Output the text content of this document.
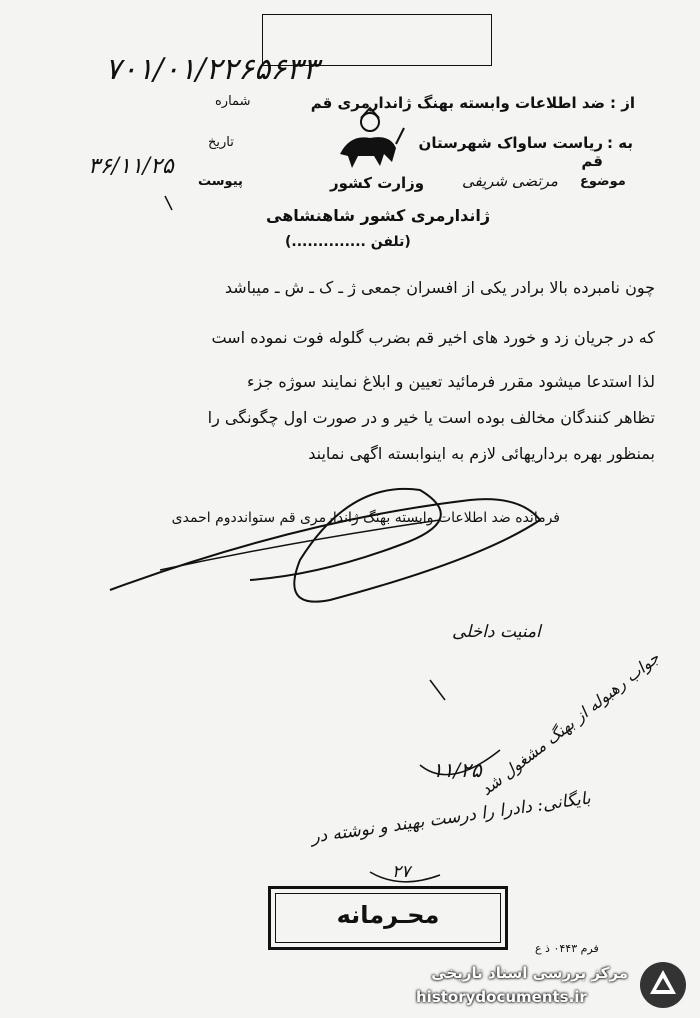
۷۰۱/۰۱/۲۲۶۵۶۳۳
از :
ضد اطلاعات وابسته بهنگ ژاندارمری قم
شماره
به :
ریاست ساواک شهرستان قم
تاریخ
۳۶/۱۱/۲۵
موضوع
مرتضی شریفی
وزارت کشور
پیوست
ژاندارمری کشور شاهنشاهی
(تلفن ..............)
چون نامبرده بالا برادر یکی از افسران جمعی ژ ـ ک ـ ش ـ میباشد
که در جریان زد و خورد های اخیر قم بضرب گلوله فوت نموده است
لذا استدعا میشود مقرر فرمائید تعیین و ابلاغ نمایند سوژه جزء
تظاهر کنندگان مخالف بوده است یا خیر و در صورت اول چگونگی را
بمنظور بهره برداریهائی لازم به اینوابسته اگهی نمایند
فرمانده ضد اطلاعات وابسته بهنگ ژاندارمری قم ستوانددوم احمدی
امنیت داخلی
جواب رهبوله از بهنگ مشغول شد
۱۱/۲۵
بایگانی: دادرا را درست بهیند و نوشته در
۲۷
محـرمانه
فرم ۰۴۴۳ ذ ع
مرکز بررسی اسناد تاریخی
historydocuments.ir
